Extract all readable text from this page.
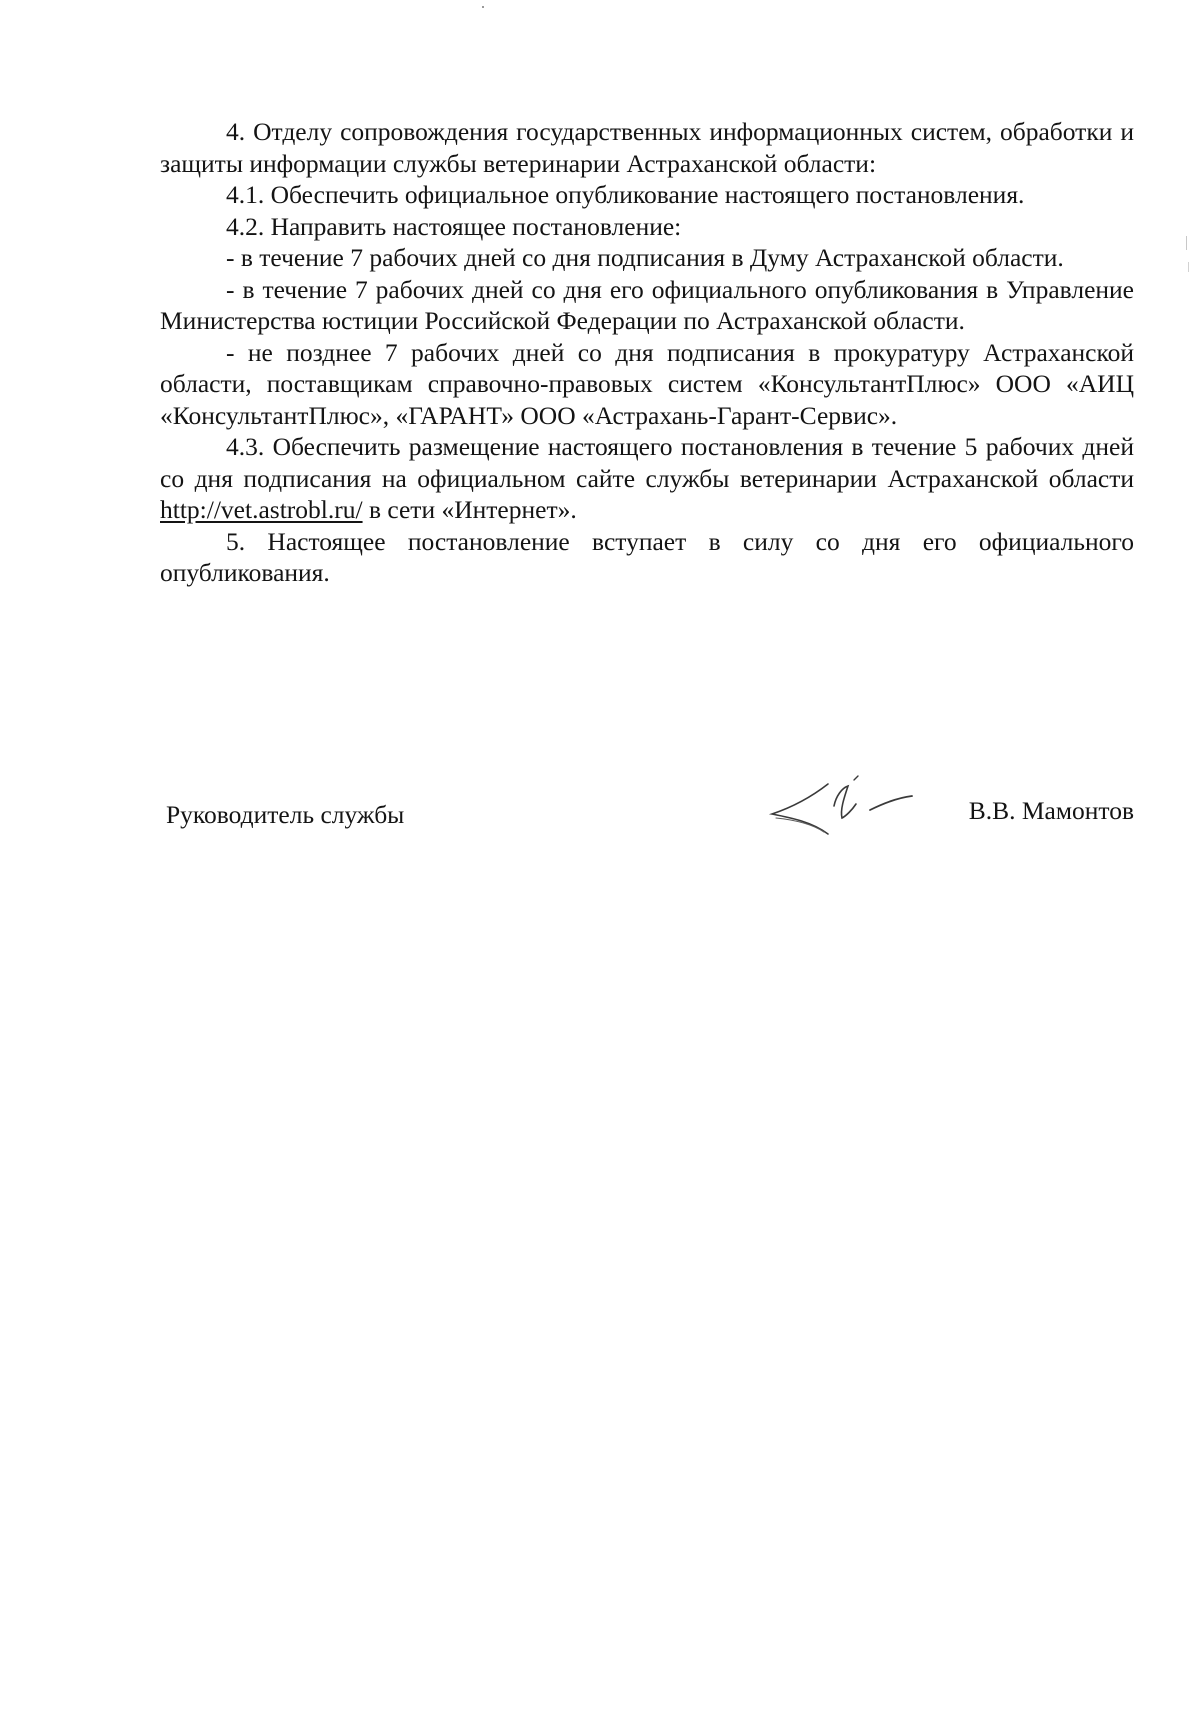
4. Отделу сопровождения государственных информационных систем, обработки и защиты информации службы ветеринарии Астраханской области:

4.1. Обеспечить официальное опубликование настоящего постановления.

4.2. Направить настоящее постановление:

- в течение 7 рабочих дней со дня подписания в Думу Астраханской области.

- в течение 7 рабочих дней со дня его официального опубликования в Управление Министерства юстиции Российской Федерации по Астраханской области.

- не позднее 7 рабочих дней со дня подписания в прокуратуру Астраханской области, поставщикам справочно-правовых систем «КонсультантПлюс» ООО «АИЦ «КонсультантПлюс», «ГАРАНТ» ООО «Астрахань-Гарант-Сервис».

4.3. Обеспечить размещение настоящего постановления в течение 5 рабочих дней со дня подписания на официальном сайте службы ветеринарии Астраханской области http://vet.astrobl.ru/ в сети «Интернет».

5. Настоящее постановление вступает в силу со дня его официального опубликования.

Руководитель службы	В.В. Мамонтов
